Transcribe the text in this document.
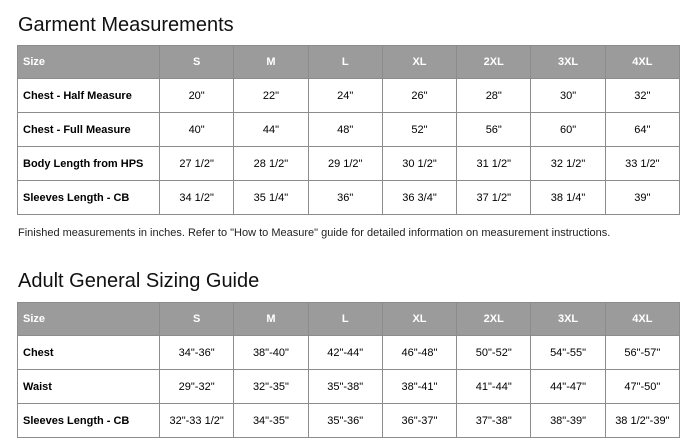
Garment Measurements
Size	S	M	L	XL	2XL	3XL	4XL
Chest - Half Measure	20"	22"	24"	26"	28"	30"	32"
Chest - Full Measure	40"	44"	48"	52"	56"	60"	64"
Body Length from HPS	27 1/2"	28 1/2"	29 1/2"	30 1/2"	31 1/2"	32 1/2"	33 1/2"
Sleeves Length - CB	34 1/2"	35 1/4"	36"	36 3/4"	37 1/2"	38 1/4"	39"

Finished measurements in inches. Refer to "How to Measure" guide for detailed information on measurement instructions.

Adult General Sizing Guide
Size	S	M	L	XL	2XL	3XL	4XL
Chest	34"-36"	38"-40"	42"-44"	46"-48"	50"-52"	54"-55"	56"-57"
Waist	29"-32"	32"-35"	35"-38"	38"-41"	41"-44"	44"-47"	47"-50"
Sleeves Length - CB	32"-33 1/2"	34"-35"	35"-36"	36"-37"	37"-38"	38"-39"	38 1/2"-39"
